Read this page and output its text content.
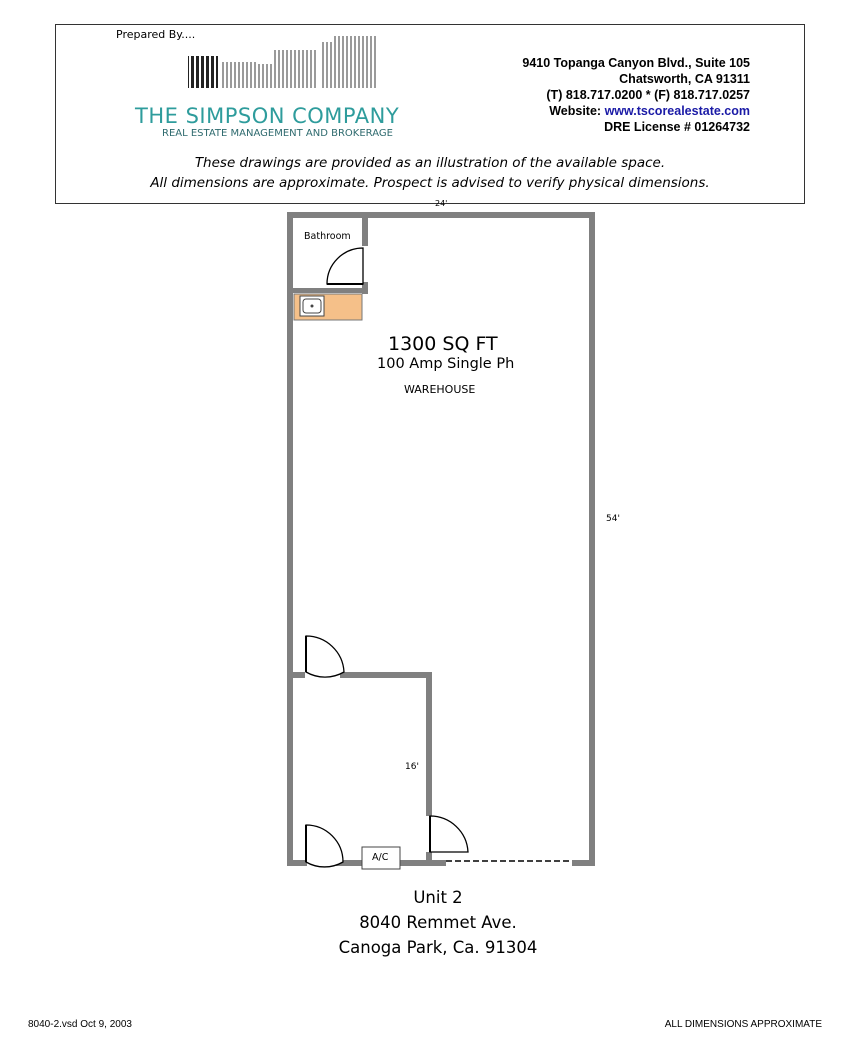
Prepared By....
THE SIMPSON COMPANY
REAL ESTATE MANAGEMENT AND BROKERAGE
9410 Topanga Canyon Blvd., Suite 105
Chatsworth, CA 91311
(T) 818.717.0200 * (F) 818.717.0257
Website: www.tscorealestate.com
DRE License # 01264732
These drawings are provided as an illustration of the available space.
All dimensions are approximate. Prospect is advised to verify physical dimensions.
24'
Bathroom
1300 SQ FT
100 Amp Single Ph
WAREHOUSE
54'
16'
A/C
Unit 2
8040 Remmet Ave.
Canoga Park, Ca. 91304
8040-2.vsd Oct 9, 2003	ALL DIMENSIONS APPROXIMATE
